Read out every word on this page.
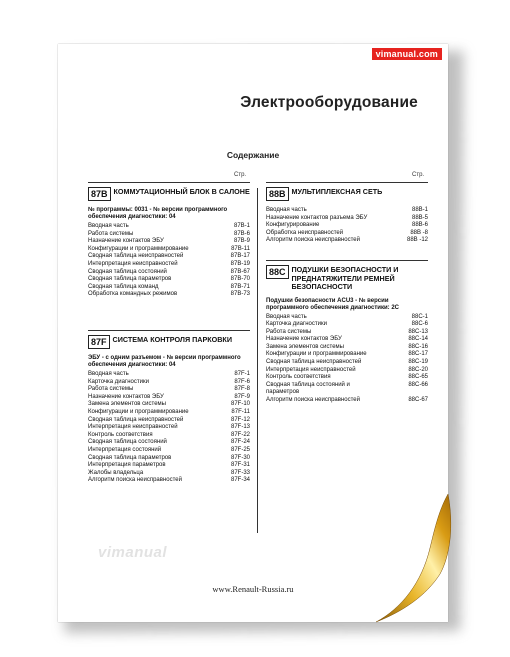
vimanual.com
Электрооборудование
Содержание
Стр.	Стр.
87B КОММУТАЦИОННЫЙ БЛОК В САЛОНЕ
№ программы: 0031 - № версии программного обеспечения диагностики: 04
Вводная часть	87B-1
Работа системы	87B-6
Назначение контактов ЭБУ	87B-9
Конфигурации и программирование	87B-11
Сводная таблица неисправностей	87B-17
Интерпретация неисправностей	87B-19
Сводная таблица состояний	87B-67
Сводная таблица параметров	87B-70
Сводная таблица команд	87B-71
Обработка командных режимов	87B-73
87F СИСТЕМА КОНТРОЛЯ ПАРКОВКИ
ЭБУ - с одним разъемом - № версии программного обеспечения диагностики: 04
Вводная часть	87F-1
Карточка диагностики	87F-6
Работа системы	87F-8
Назначение контактов ЭБУ	87F-9
Замена элементов системы	87F-10
Конфигурации и программирование	87F-11
Сводная таблица неисправностей	87F-12
Интерпретация неисправностей	87F-13
Контроль соответствия	87F-22
Сводная таблица состояний	87F-24
Интерпретация состояний	87F-25
Сводная таблица параметров	87F-30
Интерпретация параметров	87F-31
Жалобы владельца	87F-33
Алгоритм поиска неисправностей	87F-34
88B МУЛЬТИПЛЕКСНАЯ СЕТЬ
Вводная часть	88B-1
Назначение контактов разъема ЭБУ	88B-5
Конфигурирование	88B-6
Обработка неисправностей	88B -8
Алгоритм поиска неисправностей	88B -12
88C ПОДУШКИ БЕЗОПАСНОСТИ И ПРЕДНАТЯЖИТЕЛИ РЕМНЕЙ БЕЗОПАСНОСТИ
Подушки безопасности ACU3 - № версии программного обеспечения диагностики: 2C
Вводная часть	88C-1
Карточка диагностики	88C-6
Работа системы	88C-13
Назначение контактов ЭБУ	88C-14
Замена элементов системы	88C-16
Конфигурации и программирование	88C-17
Сводная таблица неисправностей	88C-19
Интерпретация неисправностей	88C-20
Контроль соответствия	88C-65
Сводная таблица состояний и
параметров
88C-66
Алгоритм поиска неисправностей	88C-67
vimanual
www.Renault-Russia.ru
